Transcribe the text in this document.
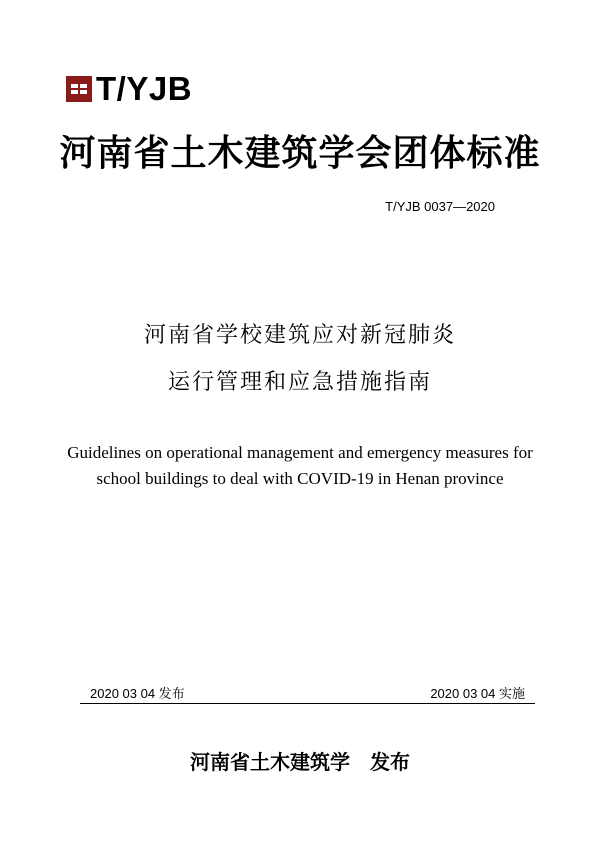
T/YJB
河南省土木建筑学会团体标准
T/YJB 0037—2020
河南省学校建筑应对新冠肺炎
运行管理和应急措施指南
Guidelines on operational management and emergency measures for
school buildings to deal with COVID-19 in Henan province
2020 03 04 发布	2020 03 04 实施
河南省土木建筑学 发布
